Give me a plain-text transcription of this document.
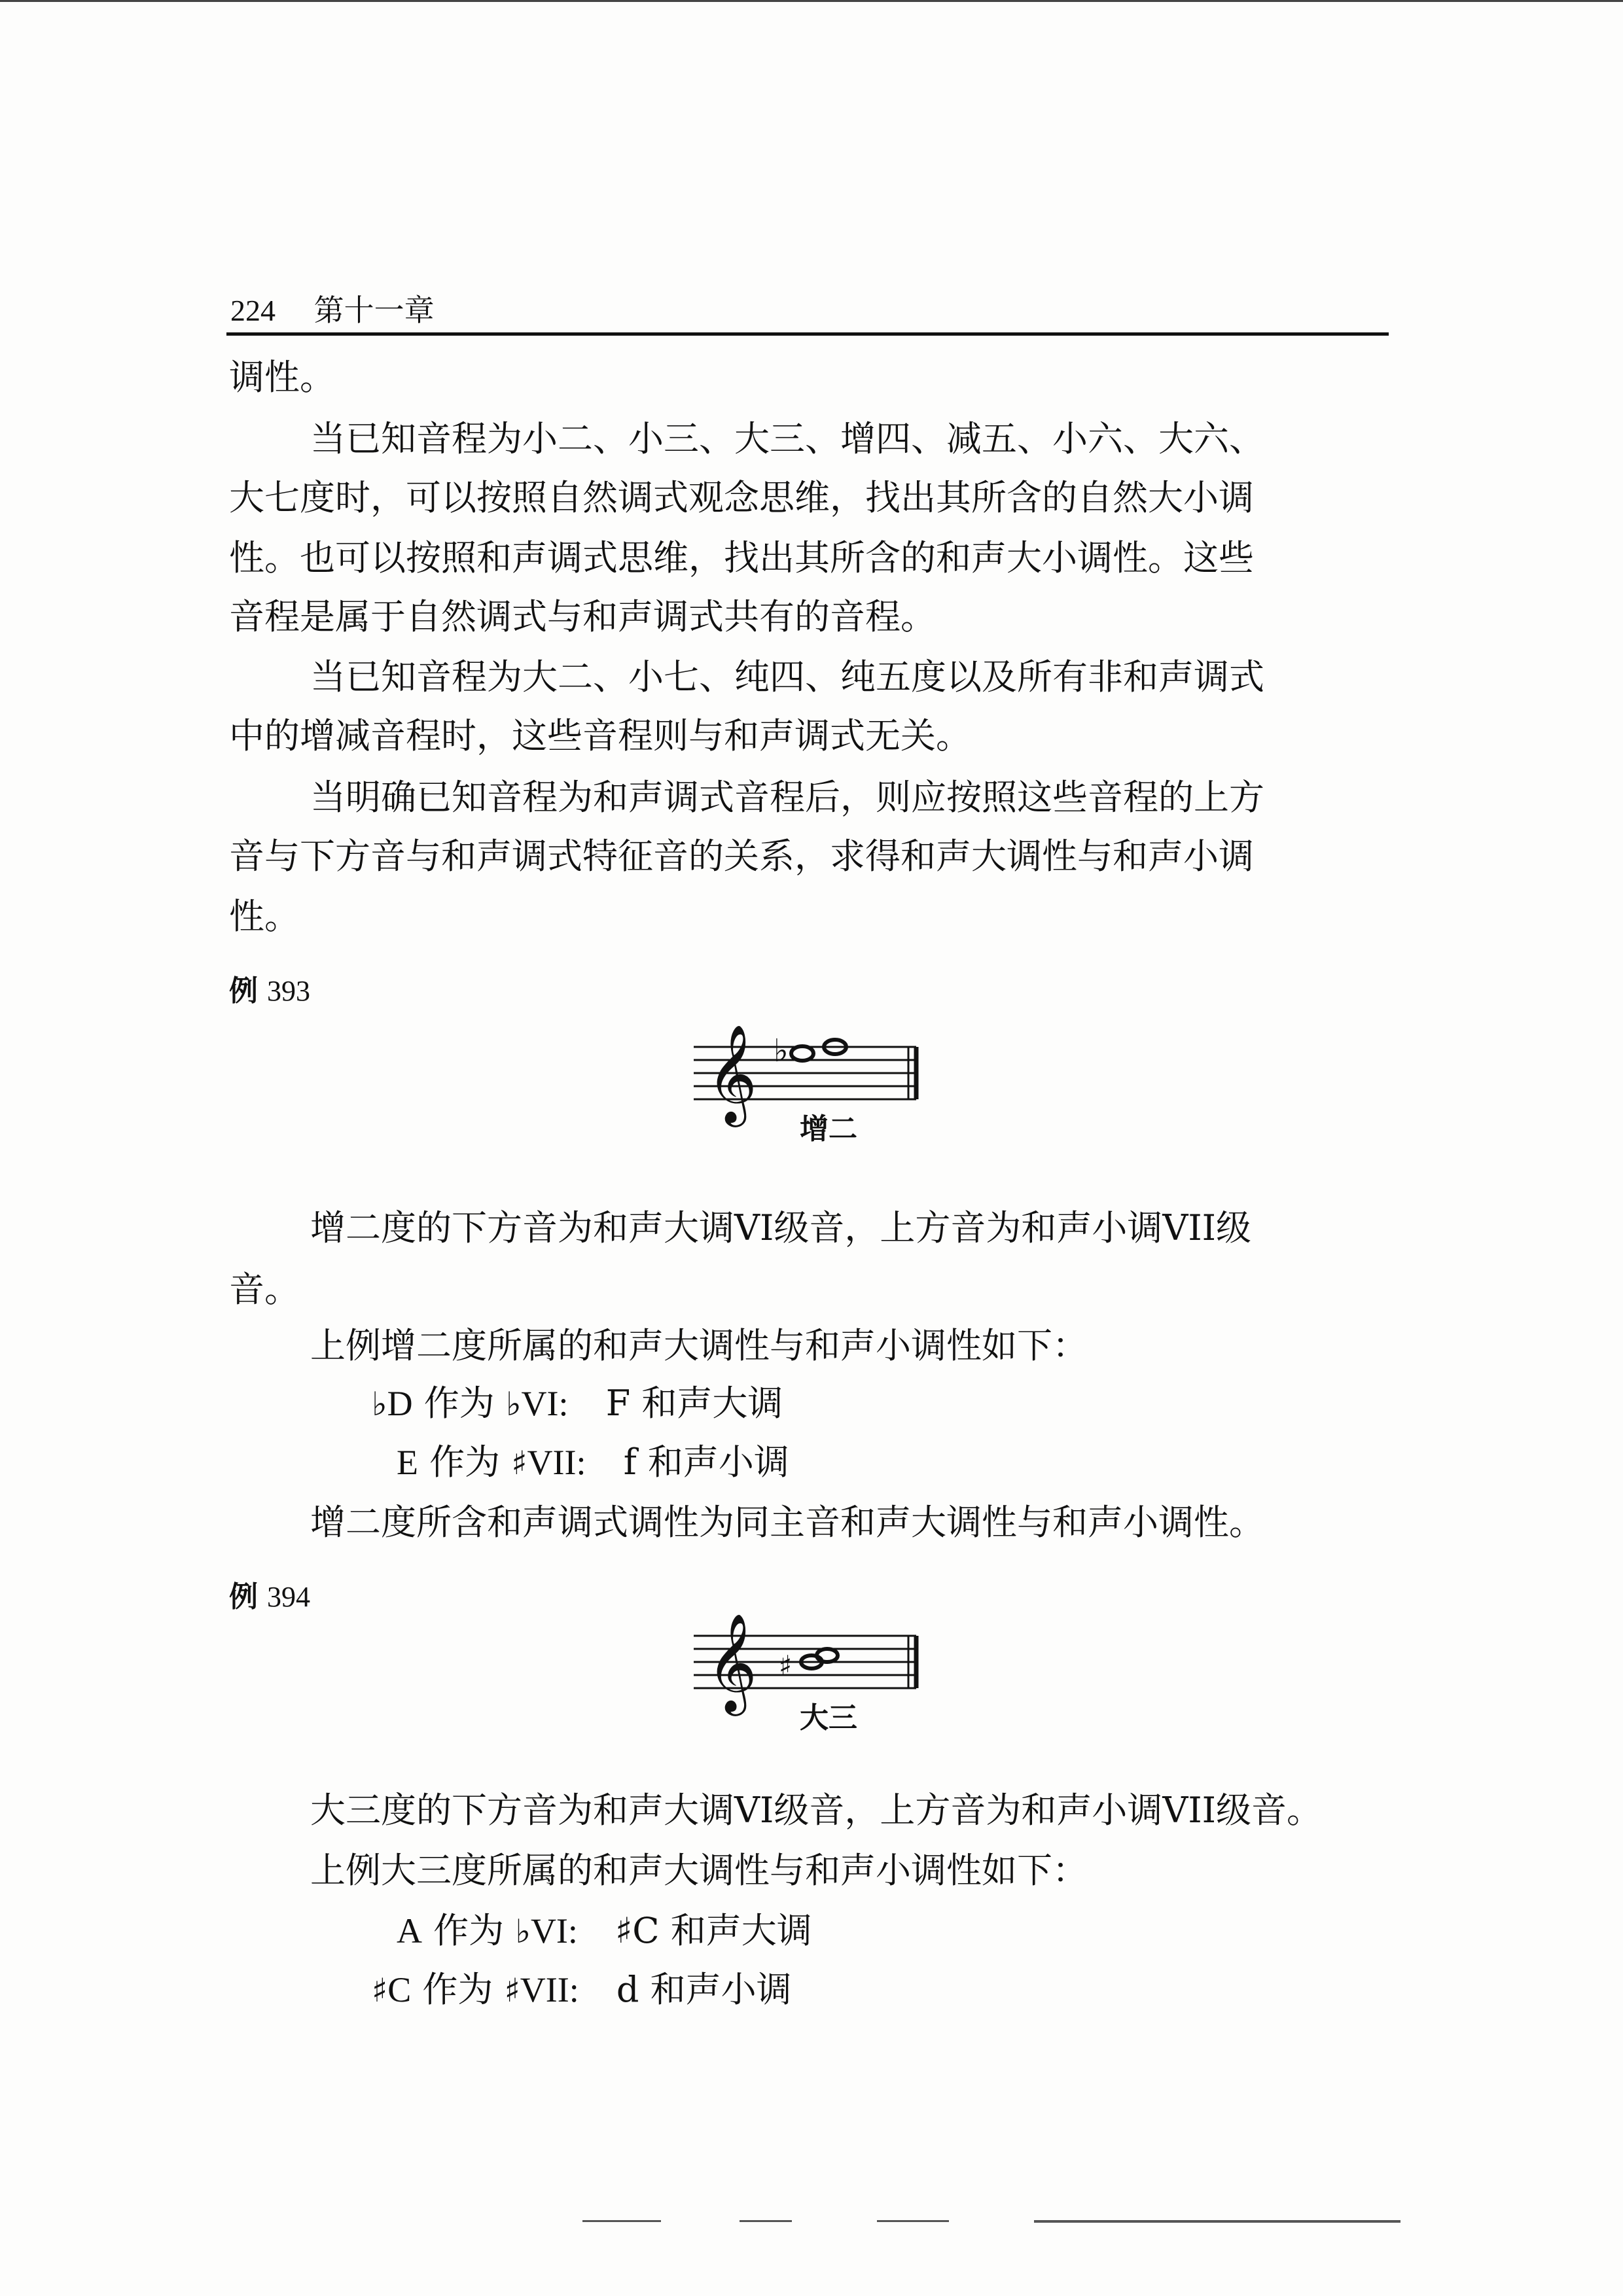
224 第十一章
调性。
当已知音程为小二、小三、大三、增四、减五、小六、大六、
大七度时，可以按照自然调式观念思维，找出其所含的自然大小调
性。也可以按照和声调式思维，找出其所含的和声大小调性。这些
音程是属于自然调式与和声调式共有的音程。
当已知音程为大二、小七、纯四、纯五度以及所有非和声调式
中的增减音程时，这些音程则与和声调式无关。
当明确已知音程为和声调式音程后，则应按照这些音程的上方
音与下方音与和声调式特征音的关系，求得和声大调性与和声小调
性。
例 393
𝄞 ♭
增二
增二度的下方音为和声大调VI级音，上方音为和声小调VII级
音。
上例增二度所属的和声大调性与和声小调性如下：
♭D 作为 ♭VI: F 和声大调
E 作为 ♯VII: f 和声小调
增二度所含和声调式调性为同主音和声大调性与和声小调性。
例 394
𝄞 ♯
大三
大三度的下方音为和声大调VI级音，上方音为和声小调VII级音。
上例大三度所属的和声大调性与和声小调性如下：
A 作为 ♭VI: ♯C 和声大调
♯C 作为 ♯VII: d 和声小调
